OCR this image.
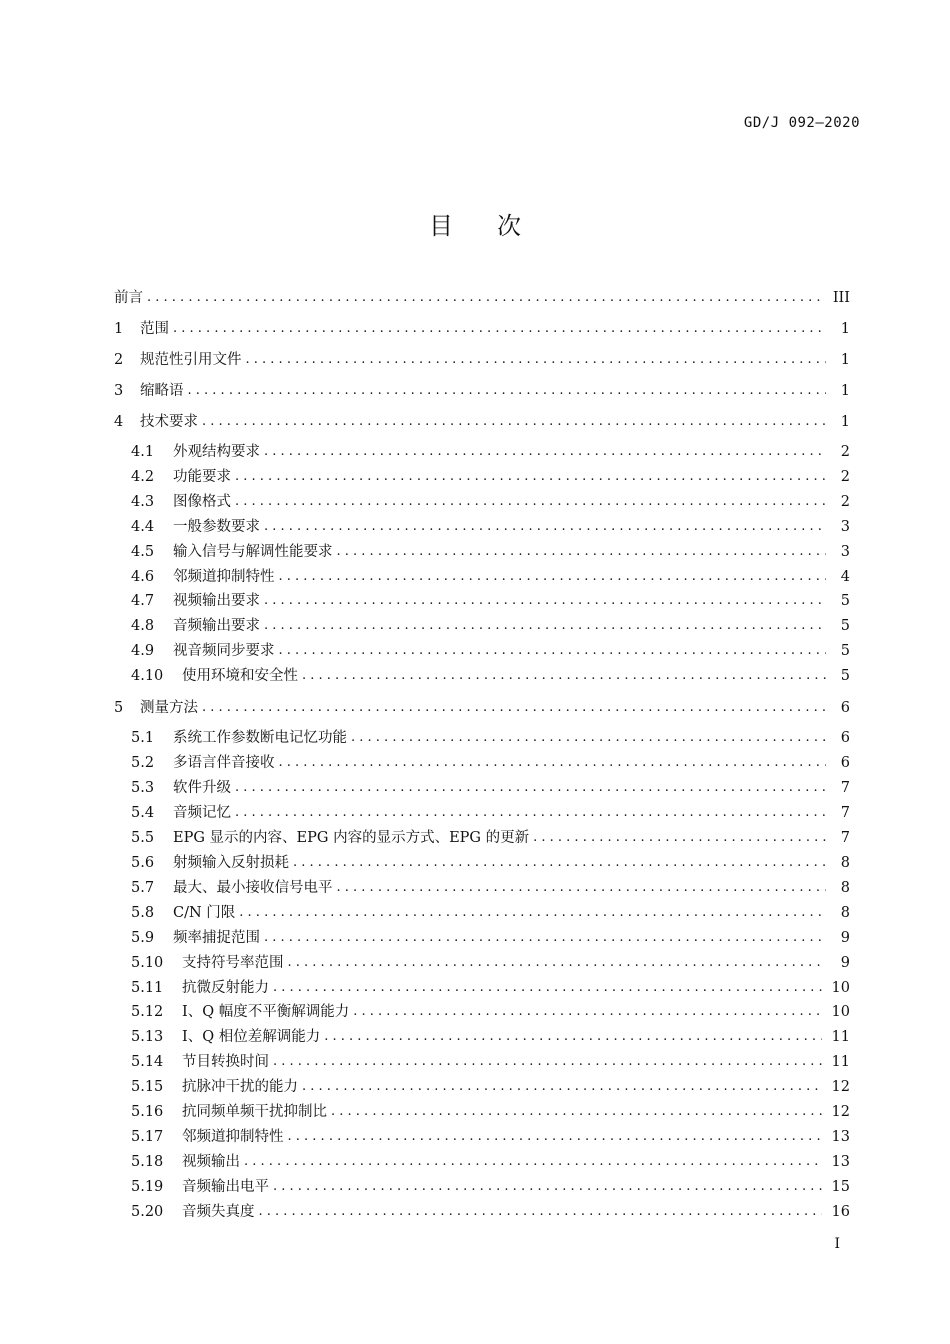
GD/J 092—2020
目次
前言 . . .	III
1	范围 . . .	1
2	规范性引用文件 . . .	1
3	缩略语 . . .	1
4	技术要求 . . .	1
4.1	外观结构要求 . . .	2
4.2	功能要求 . . .	2
4.3	图像格式 . . .	2
4.4	一般参数要求 . . .	3
4.5	输入信号与解调性能要求 . . .	3
4.6	邻频道抑制特性 . . .	4
4.7	视频输出要求 . . .	5
4.8	音频输出要求 . . .	5
4.9	视音频同步要求 . . .	5
4.10	使用环境和安全性 . . .	5
5	测量方法 . . .	6
5.1	系统工作参数断电记忆功能 . . .	6
5.2	多语言伴音接收 . . .	6
5.3	软件升级 . . .	7
5.4	音频记忆 . . .	7
5.5	EPG 显示的内容、EPG 内容的显示方式、EPG 的更新 . . .	7
5.6	射频输入反射损耗 . . .	8
5.7	最大、最小接收信号电平 . . .	8
5.8	C/N 门限 . . .	8
5.9	频率捕捉范围 . . .	9
5.10	支持符号率范围 . . .	9
5.11	抗微反射能力 . . .	10
5.12	I、Q 幅度不平衡解调能力 . . .	10
5.13	I、Q 相位差解调能力 . . .	11
5.14	节目转换时间 . . .	11
5.15	抗脉冲干扰的能力 . . .	12
5.16	抗同频单频干扰抑制比 . . .	12
5.17	邻频道抑制特性 . . .	13
5.18	视频输出 . . .	13
5.19	音频输出电平 . . .	15
5.20	音频失真度 . . .	16
I
